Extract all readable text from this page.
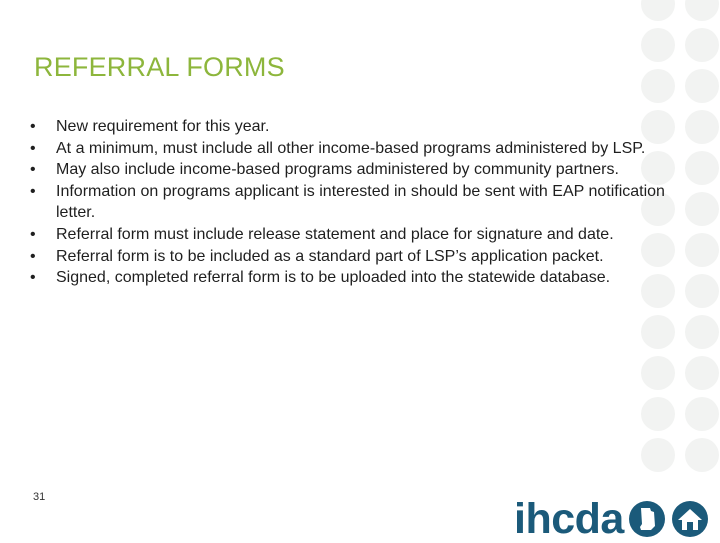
REFERRAL FORMS
• New requirement for this year.
• At a minimum, must include all other income-based programs administered by LSP.
• May also include income-based programs administered by community partners.
• Information on programs applicant is interested in should be sent with EAP notification letter.
• Referral form must include release statement and place for signature and date.
• Referral form is to be included as a standard part of LSP’s application packet.
• Signed, completed referral form is to be uploaded into the statewide database.
31	ihcda
